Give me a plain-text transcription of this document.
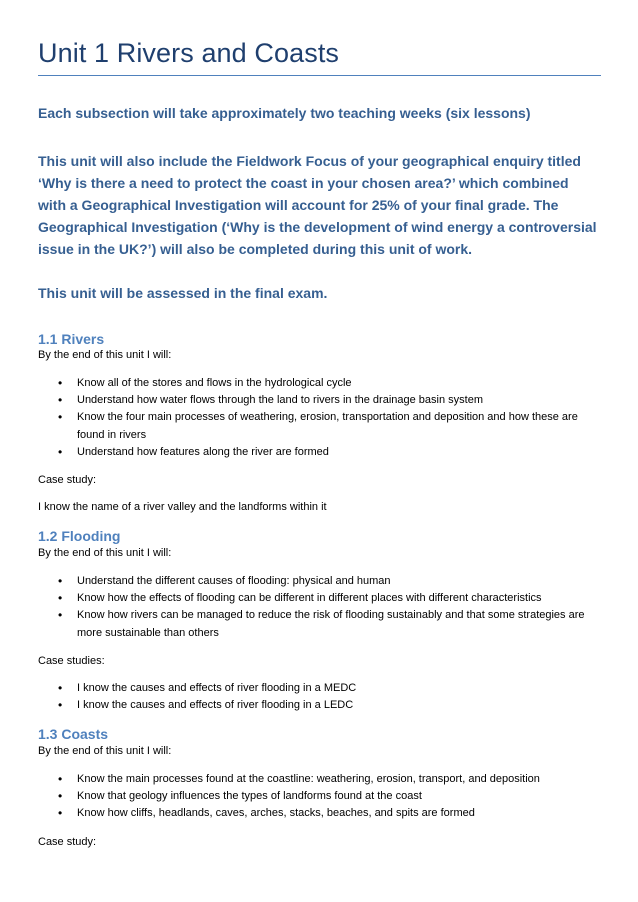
Unit 1 Rivers and Coasts
Each subsection will take approximately two teaching weeks (six lessons)
This unit will also include the Fieldwork Focus of your geographical enquiry titled ‘Why is there a need to protect the coast in your chosen area?’ which combined with a Geographical Investigation will account for 25% of your final grade. The Geographical Investigation (‘Why is the development of wind energy a controversial issue in the UK?’) will also be completed during this unit of work.
This unit will be assessed in the final exam.
1.1 Rivers
By the end of this unit I will:
• Know all of the stores and flows in the hydrological cycle
• Understand how water flows through the land to rivers in the drainage basin system
• Know the four main processes of weathering, erosion, transportation and deposition and how these are found in rivers
• Understand how features along the river are formed
Case study:
I know the name of a river valley and the landforms within it
1.2 Flooding
By the end of this unit I will:
• Understand the different causes of flooding: physical and human
• Know how the effects of flooding can be different in different places with different characteristics
• Know how rivers can be managed to reduce the risk of flooding sustainably and that some strategies are more sustainable than others
Case studies:
• I know the causes and effects of river flooding in a MEDC
• I know the causes and effects of river flooding in a LEDC
1.3 Coasts
By the end of this unit I will:
• Know the main processes found at the coastline: weathering, erosion, transport, and deposition
• Know that geology influences the types of landforms found at the coast
• Know how cliffs, headlands, caves, arches, stacks, beaches, and spits are formed
Case study:
